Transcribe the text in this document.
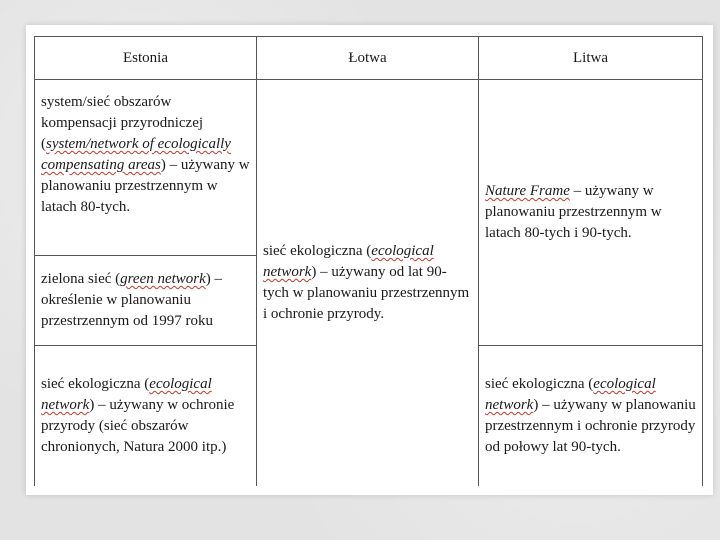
Estonia	Łotwa	Litwa
system/sieć obszarów kompensacji przyrodniczej (system/network of ecologically compensating areas) – używany w planowaniu przestrzennym w latach 80-tych.	sieć ekologiczna (ecological network) – używany od lat 90-tych w planowaniu przestrzennym i ochronie przyrody.	Nature Frame – używany w planowaniu przestrzennym w latach 80-tych i 90-tych.
zielona sieć (green network) – określenie w planowaniu przestrzennym od 1997 roku		
sieć ekologiczna (ecological network) – używany w ochronie przyrody (sieć obszarów chronionych, Natura 2000 itp.)		sieć ekologiczna (ecological network) – używany w planowaniu przestrzennym i ochronie przyrody od połowy lat 90-tych.
